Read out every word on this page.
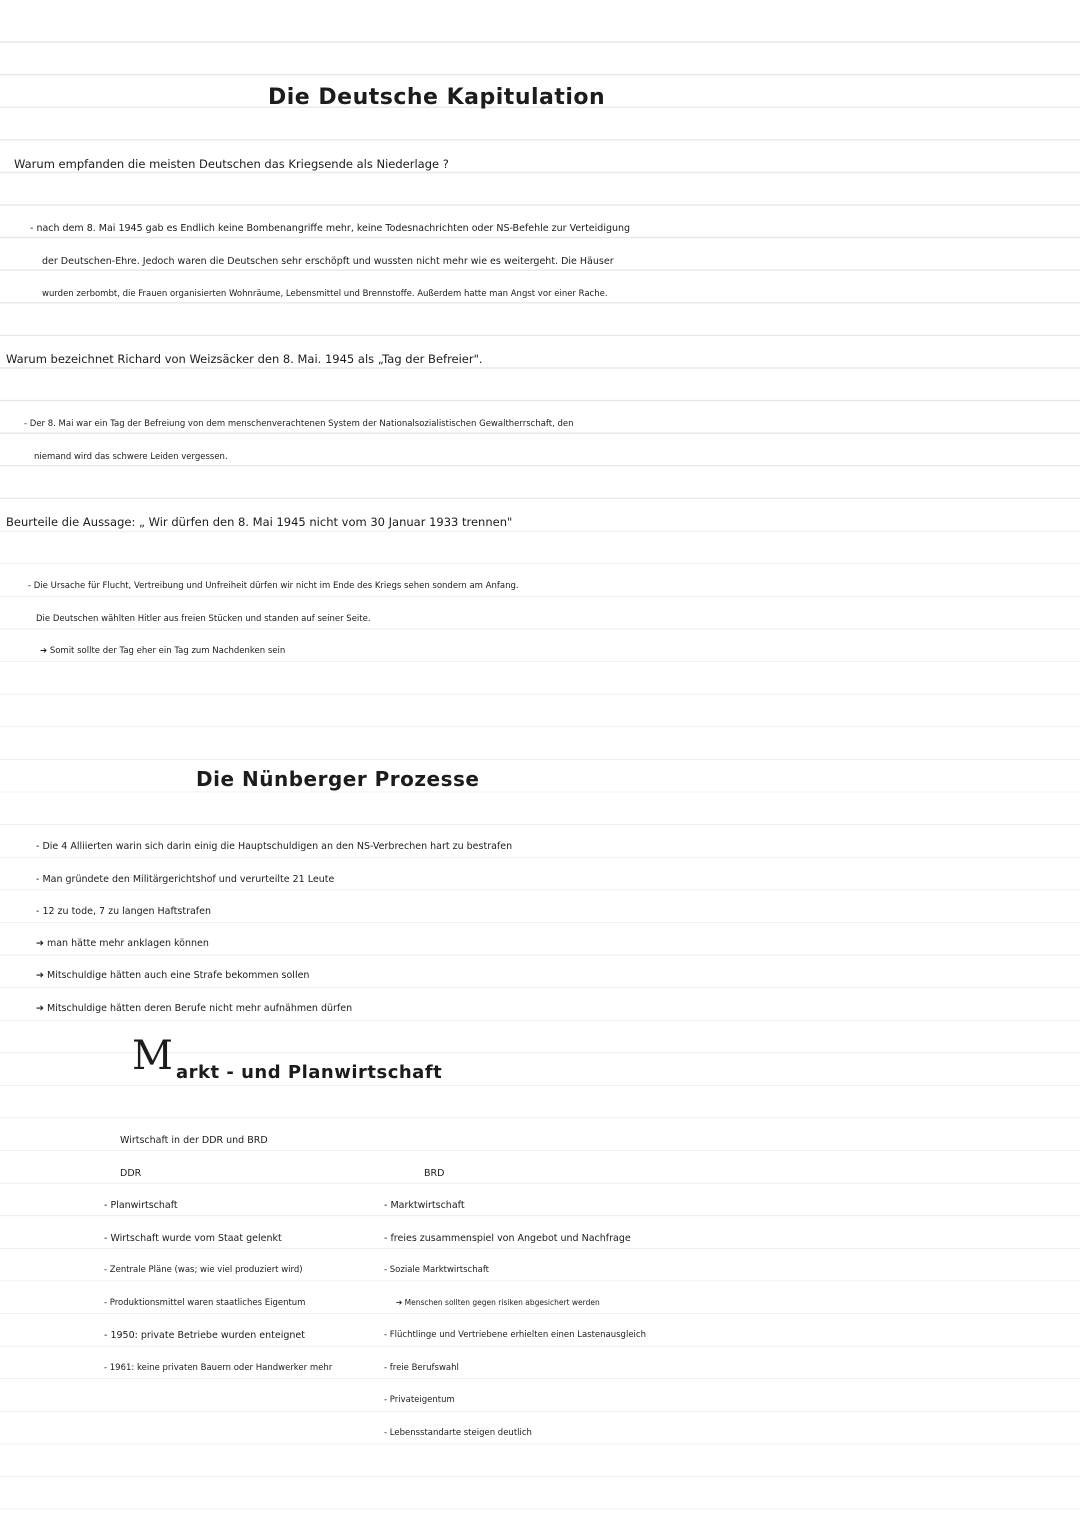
Die Deutsche Kapitulation
Warum empfanden die meisten Deutschen das Kriegsende als Niederlage ?
- nach dem 8. Mai 1945 gab es Endlich keine Bombenangriffe mehr, keine Todesnachrichten oder NS-Befehle zur Verteidigung
der Deutschen-Ehre. Jedoch waren die Deutschen sehr erschöpft und wussten nicht mehr wie es weitergeht. Die Häuser
wurden zerbombt, die Frauen organisierten Wohnräume, Lebensmittel und Brennstoffe. Außerdem hatte man Angst vor einer Rache.
Warum bezeichnet Richard von Weizsäcker den 8. Mai. 1945 als „Tag der Befreier".
- Der 8. Mai war ein Tag der Befreiung von dem menschenverachtenen System der Nationalsozialistischen Gewaltherrschaft, den
niemand wird das schwere Leiden vergessen.
Beurteile die Aussage: „ Wir dürfen den 8. Mai 1945 nicht vom 30 Januar 1933 trennen"
- Die Ursache für Flucht, Vertreibung und Unfreiheit dürfen wir nicht im Ende des Kriegs sehen sondern am Anfang.
Die Deutschen wählten Hitler aus freien Stücken und standen auf seiner Seite.
➔ Somit sollte der Tag eher ein Tag zum Nachdenken sein
Die Nünberger Prozesse
- Die 4 Alliierten warin sich darin einig die Hauptschuldigen an den NS-Verbrechen hart zu bestrafen
- Man gründete den Militärgerichtshof und verurteilte 21 Leute
- 12 zu tode, 7 zu langen Haftstrafen
➔ man hätte mehr anklagen können
➔ Mitschuldige hätten auch eine Strafe bekommen sollen
➔ Mitschuldige hätten deren Berufe nicht mehr aufnähmen dürfen
M arkt - und Planwirtschaft
Wirtschaft in der DDR und BRD
DDR	BRD
- Planwirtschaft
- Wirtschaft wurde vom Staat gelenkt
- Zentrale Pläne (was; wie viel produziert wird)
- Produktionsmittel waren staatliches Eigentum
- 1950: private Betriebe wurden enteignet
- 1961: keine privaten Bauern oder Handwerker mehr
- Marktwirtschaft
- freies zusammenspiel von Angebot und Nachfrage
- Soziale Marktwirtschaft
➔ Menschen sollten gegen risiken abgesichert werden
- Flüchtlinge und Vertriebene erhielten einen Lastenausgleich
- freie Berufswahl
- Privateigentum
- Lebensstandarte steigen deutlich
